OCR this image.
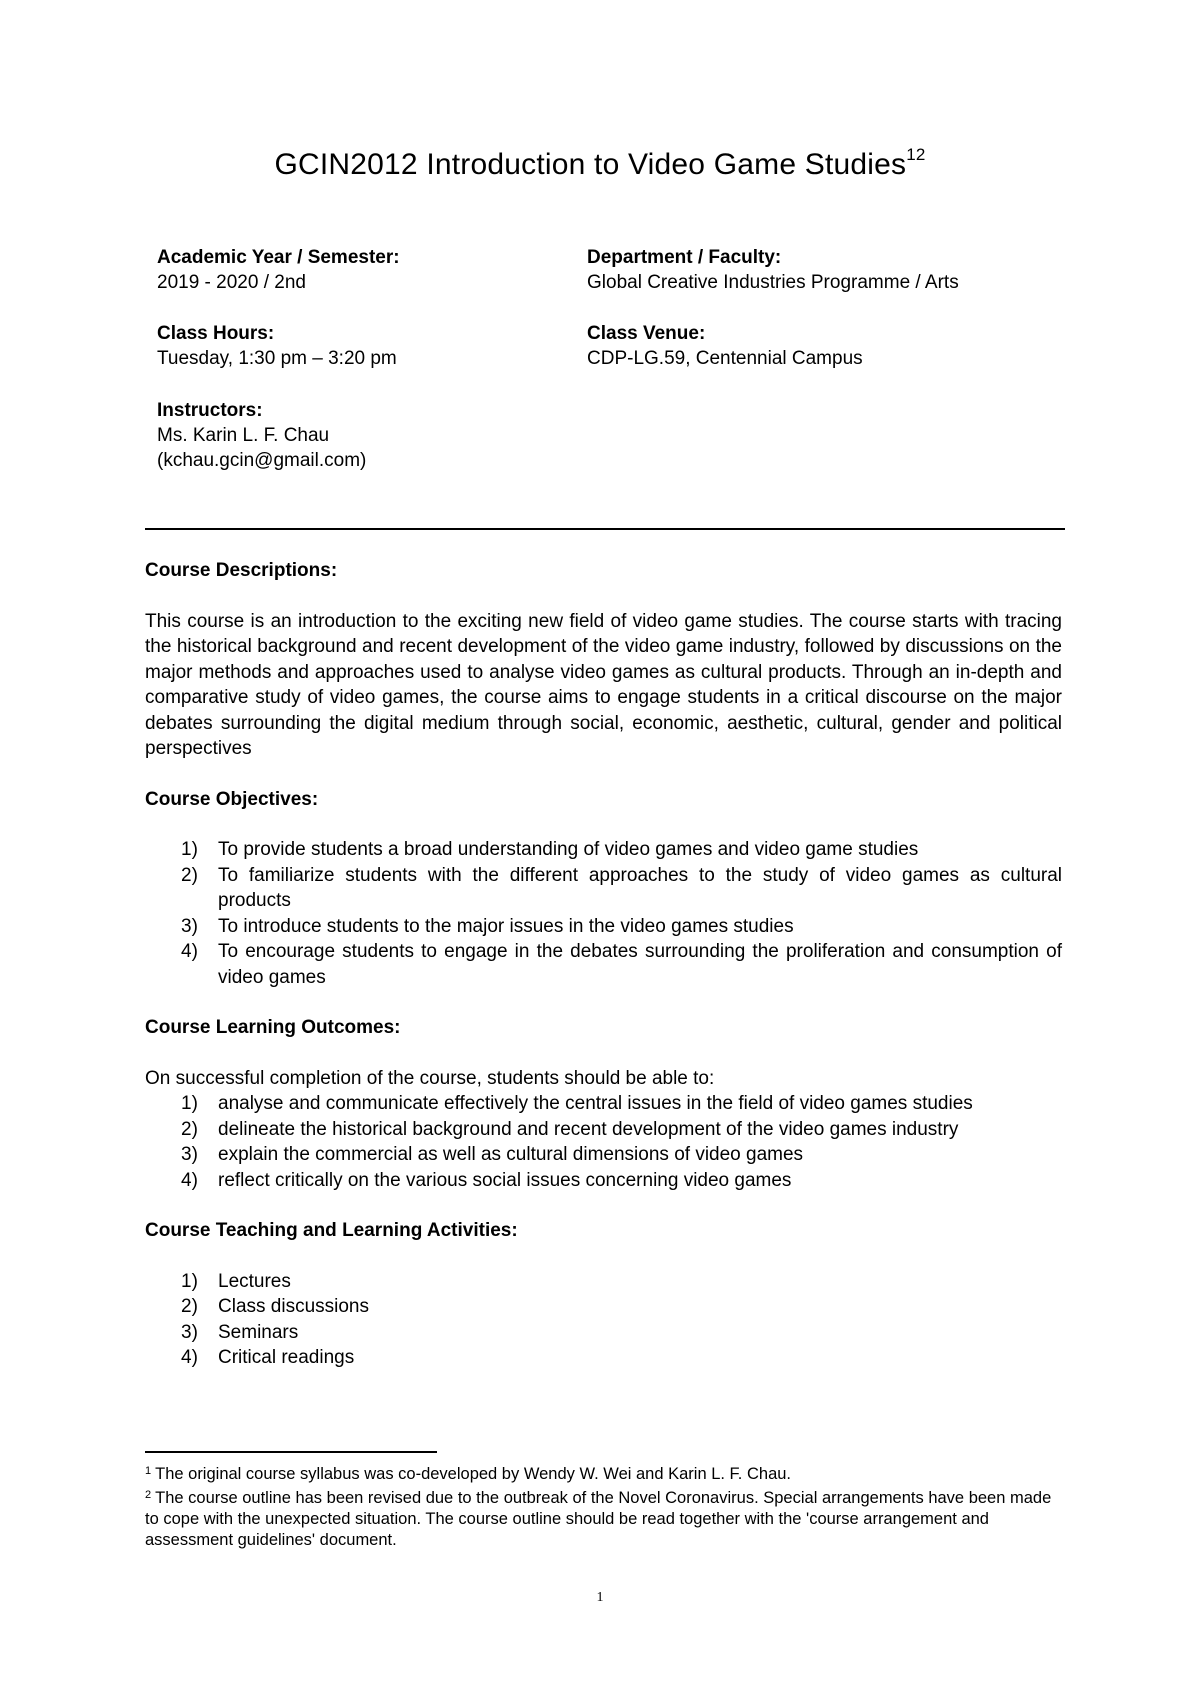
GCIN2012 Introduction to Video Game Studies$^{12}$
Academic Year / Semester:
2019 - 2020 / 2nd
Department / Faculty:
Global Creative Industries Programme / Arts
Class Hours:
Tuesday, 1:30 pm – 3:20 pm
Class Venue:
CDP-LG.59, Centennial Campus
Instructors:
Ms. Karin L. F. Chau
(kchau.gcin@gmail.com)

Course Descriptions:

This course is an introduction to the exciting new field of video game studies. The course starts with tracing the historical background and recent development of the video game industry, followed by discussions on the major methods and approaches used to analyse video games as cultural products. Through an in-depth and comparative study of video games, the course aims to engage students in a critical discourse on the major debates surrounding the digital medium through social, economic, aesthetic, cultural, gender and political perspectives

Course Objectives:

1) To provide students a broad understanding of video games and video game studies
2) To familiarize students with the different approaches to the study of video games as cultural products
3) To introduce students to the major issues in the video games studies
4) To encourage students to engage in the debates surrounding the proliferation and consumption of video games

Course Learning Outcomes:

On successful completion of the course, students should be able to:

1) analyse and communicate effectively the central issues in the field of video games studies
2) delineate the historical background and recent development of the video games industry
3) explain the commercial as well as cultural dimensions of video games
4) reflect critically on the various social issues concerning video games

Course Teaching and Learning Activities:

1) Lectures
2) Class discussions
3) Seminars
4) Critical readings

$^1$ The original course syllabus was co-developed by Wendy W. Wei and Karin L. F. Chau.

$^2$ The course outline has been revised due to the outbreak of the Novel Coronavirus. Special arrangements have been made to cope with the unexpected situation. The course outline should be read together with the 'course arrangement and assessment guidelines' document.

1
